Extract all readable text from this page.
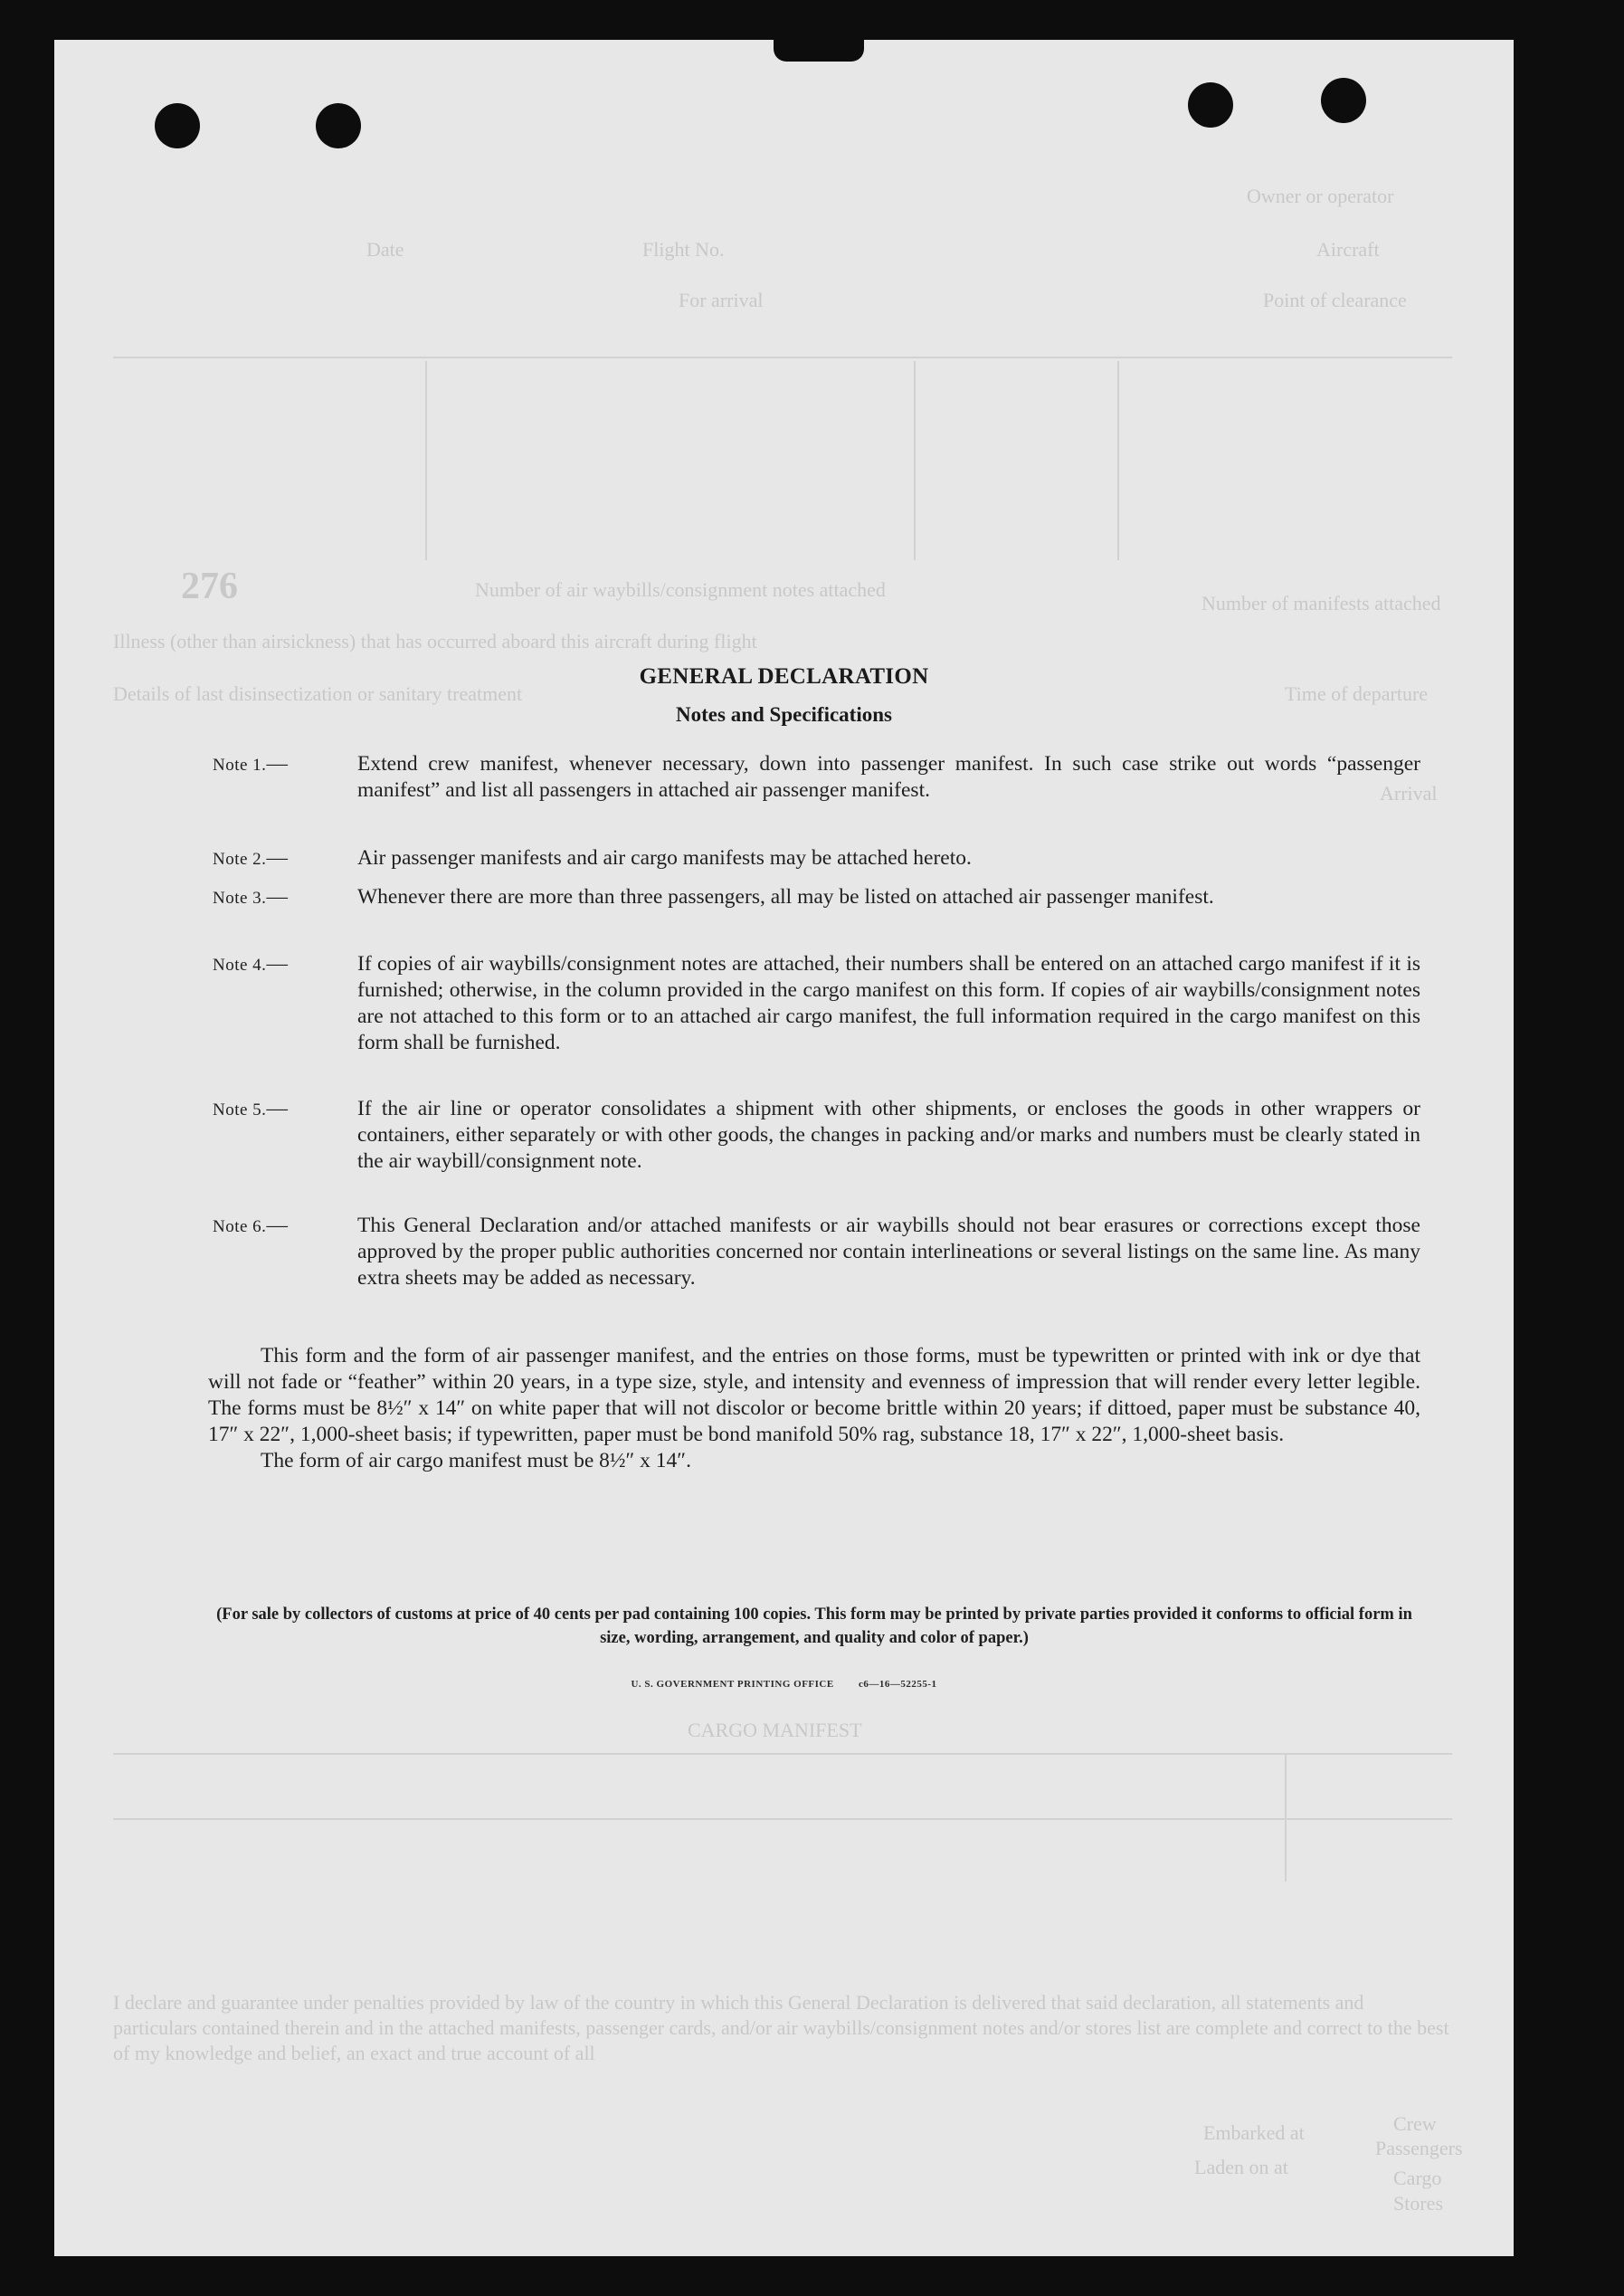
Owner or operator
Aircraft
Flight No.
Date
Point of clearance
For arrival
Number of manifests attached
Number of air waybills/consignment notes attached
276
Illness (other than airsickness) that has occurred aboard this aircraft during flight
Details of last disinsectization or sanitary treatment	Time of departure
Arrival
CARGO MANIFEST
I declare and guarantee under penalties provided by law of the country in which this General Declaration is delivered that said declaration, all statements and particulars contained therein and in the attached manifests, passenger cards, and/or air waybills/consignment notes and/or stores list are complete and correct to the best of my knowledge and belief, an exact and true account of all
Crew
Passengers
Cargo
Stores
Embarked at
Laden on at
GENERAL DECLARATION
Notes and Specifications
Note 1.—	Extend crew manifest, whenever necessary, down into passenger manifest. In such case strike out words “passenger manifest” and list all passengers in attached air passenger manifest.
Note 2.—	Air passenger manifests and air cargo manifests may be attached hereto.
Note 3.—	Whenever there are more than three passengers, all may be listed on attached air passenger manifest.
Note 4.—	If copies of air waybills/consignment notes are attached, their numbers shall be entered on an attached cargo manifest if it is furnished; otherwise, in the column provided in the cargo manifest on this form. If copies of air waybills/consignment notes are not attached to this form or to an attached air cargo manifest, the full information required in the cargo manifest on this form shall be furnished.
Note 5.—	If the air line or operator consolidates a shipment with other shipments, or encloses the goods in other wrappers or containers, either separately or with other goods, the changes in packing and/or marks and numbers must be clearly stated in the air waybill/consignment note.
Note 6.—	This General Declaration and/or attached manifests or air waybills should not bear erasures or corrections except those approved by the proper public authorities concerned nor contain interlineations or several listings on the same line. As many extra sheets may be added as necessary.

This form and the form of air passenger manifest, and the entries on those forms, must be typewritten or printed with ink or dye that will not fade or “feather” within 20 years, in a type size, style, and intensity and evenness of impression that will render every letter legible. The forms must be 8½″ x 14″ on white paper that will not discolor or become brittle within 20 years; if dittoed, paper must be substance 40, 17″ x 22″, 1,000-sheet basis; if typewritten, paper must be bond manifold 50% rag, substance 18, 17″ x 22″, 1,000-sheet basis.

The form of air cargo manifest must be 8½″ x 14″.

(For sale by collectors of customs at price of 40 cents per pad containing 100 copies. This form may be printed by private parties provided it conforms to official form in size, wording, arrangement, and quality and color of paper.)
U. S. GOVERNMENT PRINTING OFFICE c6—16—52255-1
